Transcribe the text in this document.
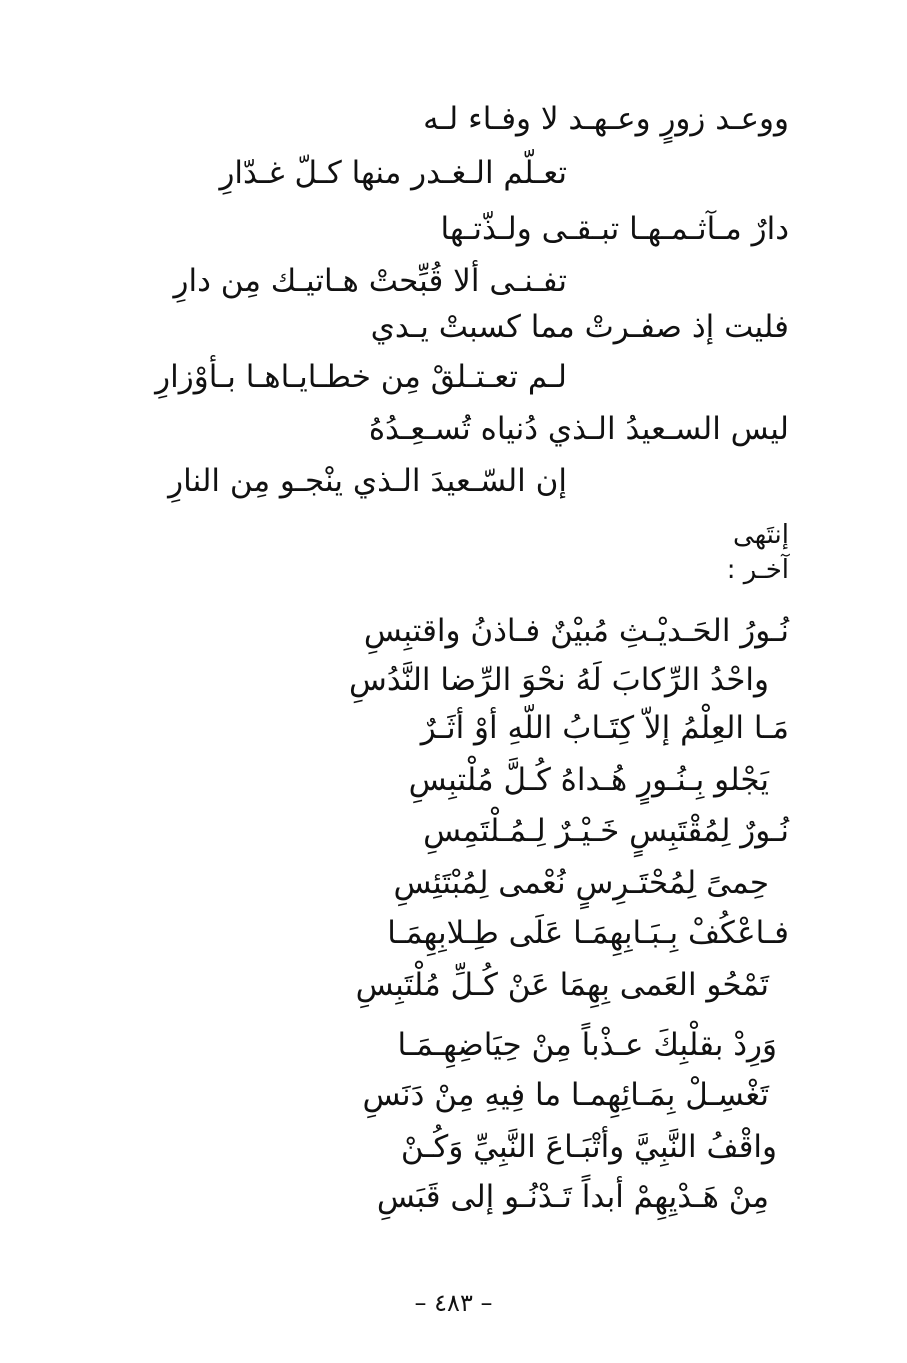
ووعـد زورٍ وعـهـد لا وفـاء لـه
تعـلّم الـغـدر منها كـلّ غـدّارِ
دارٌ مـآثـمـهـا تبـقـى ولـذّتـها
تفـنـى ألا قُبِّحتْ هـاتيـك مِن دارِ
فليت إذ صفـرتْ مما كسبتْ يـدي
لـم تعـتـلقْ مِن خطـايـاهـا بـأوْزارِ
ليس السـعيدُ الـذي دُنياه تُسـعِـدُهُ
إن السّـعيدَ الـذي ينْجـو مِن النارِ
إنتَهى
آخـر :
نُـورُ الحَـديْـثِ مُبيْنٌ فـاذنُ واقتبِسِ
واحْدُ الرِّكابَ لَهُ نحْوَ الرِّضا النَّدُسِ
مَـا العِلْمُ إلاّ كِتَـابُ اللّهِ أوْ أثَـرٌ
يَجْلو بِـنُـورٍ هُـداهُ كُـلَّ مُلْتبِسِ
نُـورٌ لِمُقْتَبِسٍ خَـيْـرٌ لِـمُـلْتَمِسِ
حِمىً لِمُحْتَـرِسٍ نُعْمى لِمُبْتَئِسِ
فـاعْكُفْ بِـبَـابِهِمَـا عَلَى طِـلابِهِمَـا
تَمْحُو العَمى بِهِمَا عَنْ كُـلِّ مُلْتَبِسِ
وَرِدْ بقلْبِكَ عـذْباً مِنْ حِيَاضِهِـمَـا
تَغْسِـلْ بِمَـائِهِمـا ما فِيهِ مِنْ دَنَسِ
واقْفُ النَّبِيَّ وأتْبَـاعَ النَّبِيِّ وَكُـنْ
مِنْ هَـدْيِهِمْ أبداً تَـدْنُـو إلى قَبَسِ
– ٤٨٣ –
